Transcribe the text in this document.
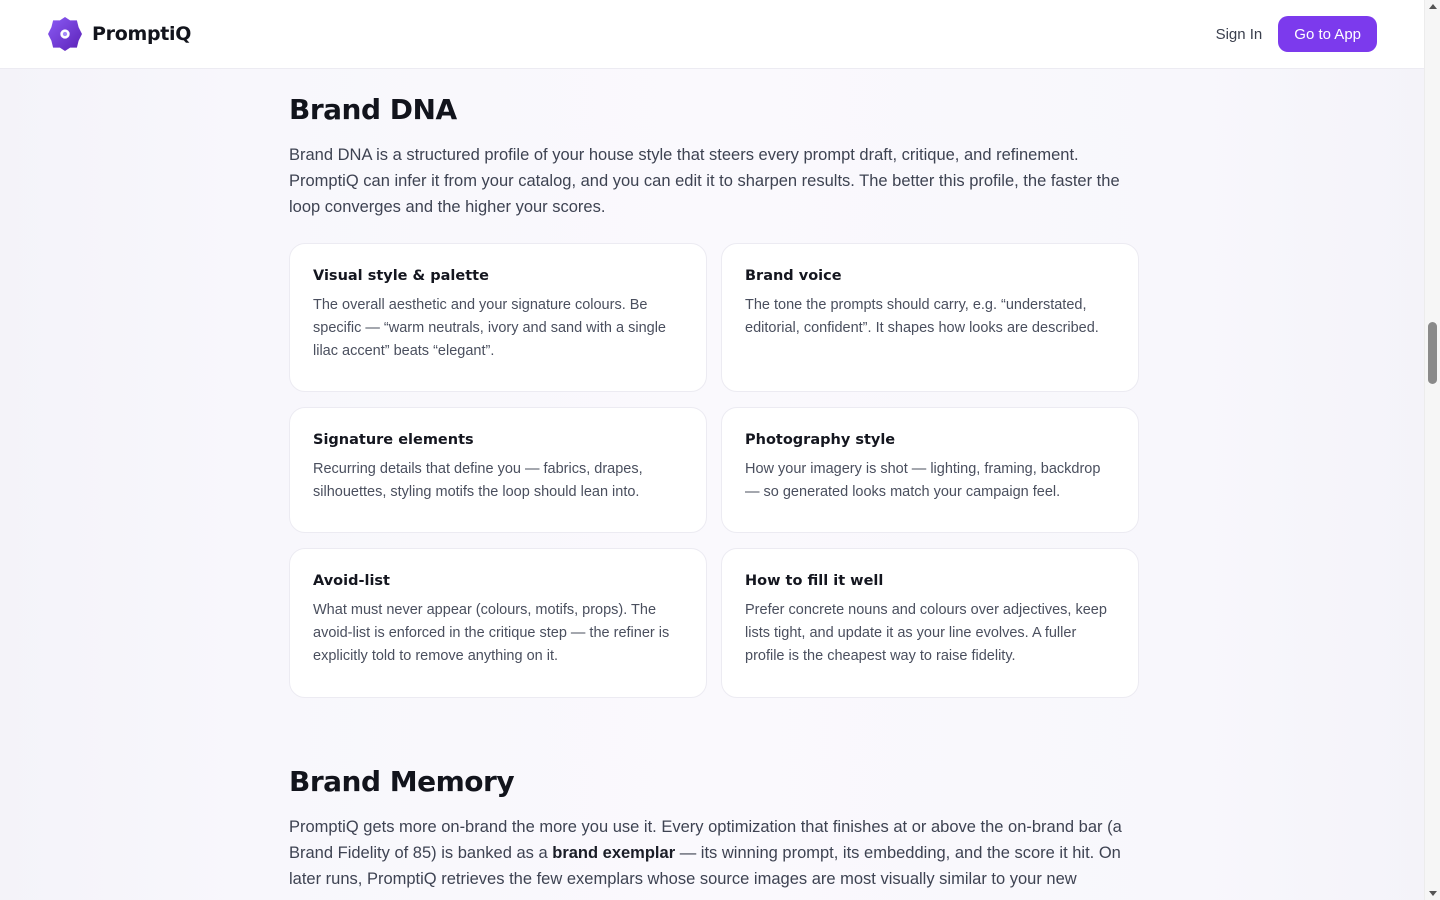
PromptiQ	Sign In	Go to App
Brand DNA

Brand DNA is a structured profile of your house style that steers every prompt draft, critique, and refinement. PromptiQ can infer it from your catalog, and you can edit it to sharpen results. The better this profile, the faster the loop converges and the higher your scores.

Visual style & palette
The overall aesthetic and your signature colours. Be specific — “warm neutrals, ivory and sand with a single lilac accent” beats “elegant”.
Brand voice
The tone the prompts should carry, e.g. “understated, editorial, confident”. It shapes how looks are described.
Signature elements
Recurring details that define you — fabrics, drapes, silhouettes, styling motifs the loop should lean into.
Photography style
How your imagery is shot — lighting, framing, backdrop — so generated looks match your campaign feel.
Avoid-list
What must never appear (colours, motifs, props). The avoid-list is enforced in the critique step — the refiner is explicitly told to remove anything on it.
How to fill it well
Prefer concrete nouns and colours over adjectives, keep lists tight, and update it as your line evolves. A fuller profile is the cheapest way to raise fidelity.
Brand Memory

PromptiQ gets more on-brand the more you use it. Every optimization that finishes at or above the on-brand bar (a Brand Fidelity of 85) is banked as a brand exemplar — its winning prompt, its embedding, and the score it hit. On later runs, PromptiQ retrieves the few exemplars whose source images are most visually similar to your new
